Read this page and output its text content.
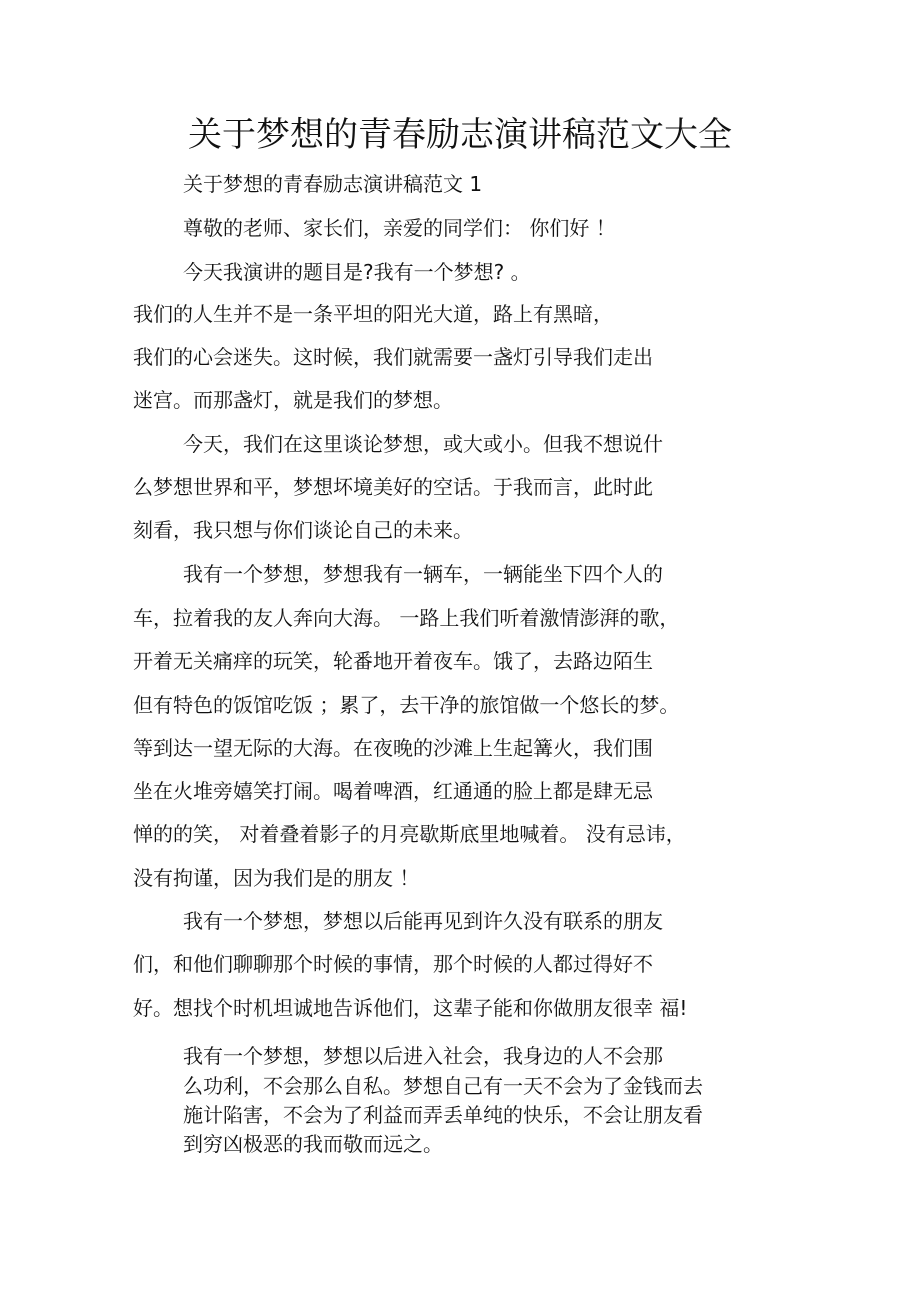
关于梦想的青春励志演讲稿范文大全
关于梦想的青春励志演讲稿范文 1
尊敬的老师、家长们，亲爱的同学们： 你们好 ！
今天我演讲的题目是?我有一个梦想? 。
我们的人生并不是一条平坦的阳光大道，路上有黑暗，
我们的心会迷失。这时候，我们就需要一盏灯引导我们走出
迷宫。而那盏灯，就是我们的梦想。
今天，我们在这里谈论梦想，或大或小。但我不想说什
么梦想世界和平，梦想坏境美好的空话。于我而言，此时此
刻看，我只想与你们谈论自己的未来。
我有一个梦想，梦想我有一辆车，一辆能坐下四个人的
车，拉着我的友人奔向大海。 一路上我们听着激情澎湃的歌，
开着无关痛痒的玩笑，轮番地开着夜车。饿了，去路边陌生
但有特色的饭馆吃饭 ；累了，去干净的旅馆做一个悠长的梦。
等到达一望无际的大海。在夜晚的沙滩上生起篝火，我们围
坐在火堆旁嬉笑打闹。喝着啤酒，红通通的脸上都是肆无忌
惮的的笑， 对着叠着影子的月亮歇斯底里地喊着。 没有忌讳，
没有拘谨，因为我们是的朋友 ！
我有一个梦想，梦想以后能再见到许久没有联系的朋友
们，和他们聊聊那个时候的事情，那个时候的人都过得好不
好。想找个时机坦诚地告诉他们，这辈子能和你做朋友很幸 福!
我有一个梦想，梦想以后进入社会，我身边的人不会那
么功利，不会那么自私。梦想自己有一天不会为了金钱而去
施计陷害，不会为了利益而弄丢单纯的快乐，不会让朋友看
到穷凶极恶的我而敬而远之。
